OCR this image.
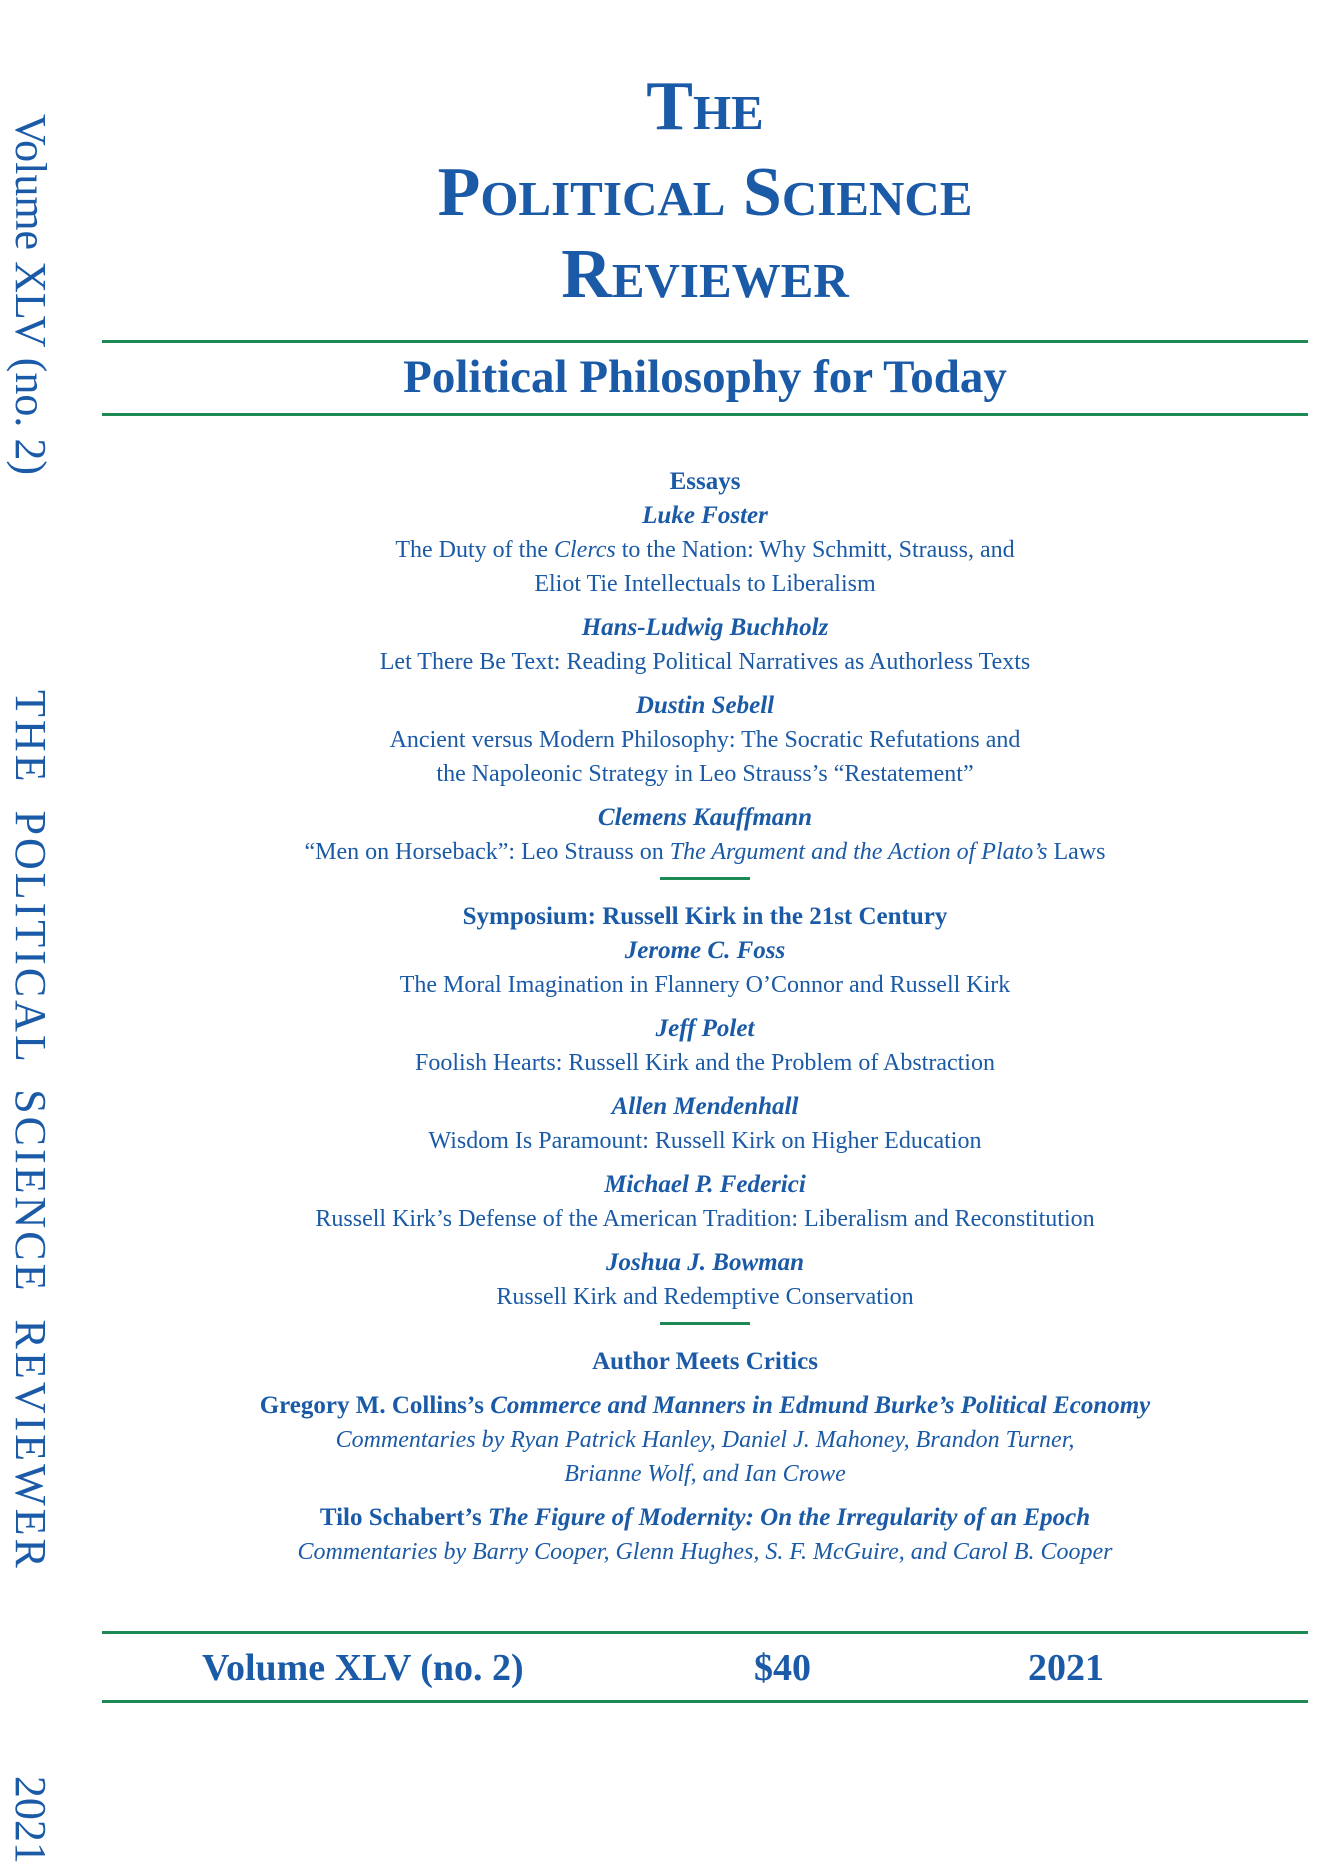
Volume XLV (no. 2)THE POLITICAL SCIENCE REVIEWER2021
The
Political Science
Reviewer
Political Philosophy for Today
Essays
Luke Foster
The Duty of the Clercs to the Nation: Why Schmitt, Strauss, and
Eliot Tie Intellectuals to Liberalism
Hans-Ludwig Buchholz
Let There Be Text: Reading Political Narratives as Authorless Texts
Dustin Sebell
Ancient versus Modern Philosophy: The Socratic Refutations and
the Napoleonic Strategy in Leo Strauss’s “Restatement”
Clemens Kauffmann
“Men on Horseback”: Leo Strauss on The Argument and the Action of Plato’s Laws
Symposium: Russell Kirk in the 21st Century
Jerome C. Foss
The Moral Imagination in Flannery O’Connor and Russell Kirk
Jeff Polet
Foolish Hearts: Russell Kirk and the Problem of Abstraction
Allen Mendenhall
Wisdom Is Paramount: Russell Kirk on Higher Education
Michael P. Federici
Russell Kirk’s Defense of the American Tradition: Liberalism and Reconstitution
Joshua J. Bowman
Russell Kirk and Redemptive Conservation
Author Meets Critics
Gregory M. Collins’s Commerce and Manners in Edmund Burke’s Political Economy
Commentaries by Ryan Patrick Hanley, Daniel J. Mahoney, Brandon Turner,
Brianne Wolf, and Ian Crowe
Tilo Schabert’s The Figure of Modernity: On the Irregularity of an Epoch
Commentaries by Barry Cooper, Glenn Hughes, S. F. McGuire, and Carol B. Cooper
Volume XLV (no. 2)	$40	2021
